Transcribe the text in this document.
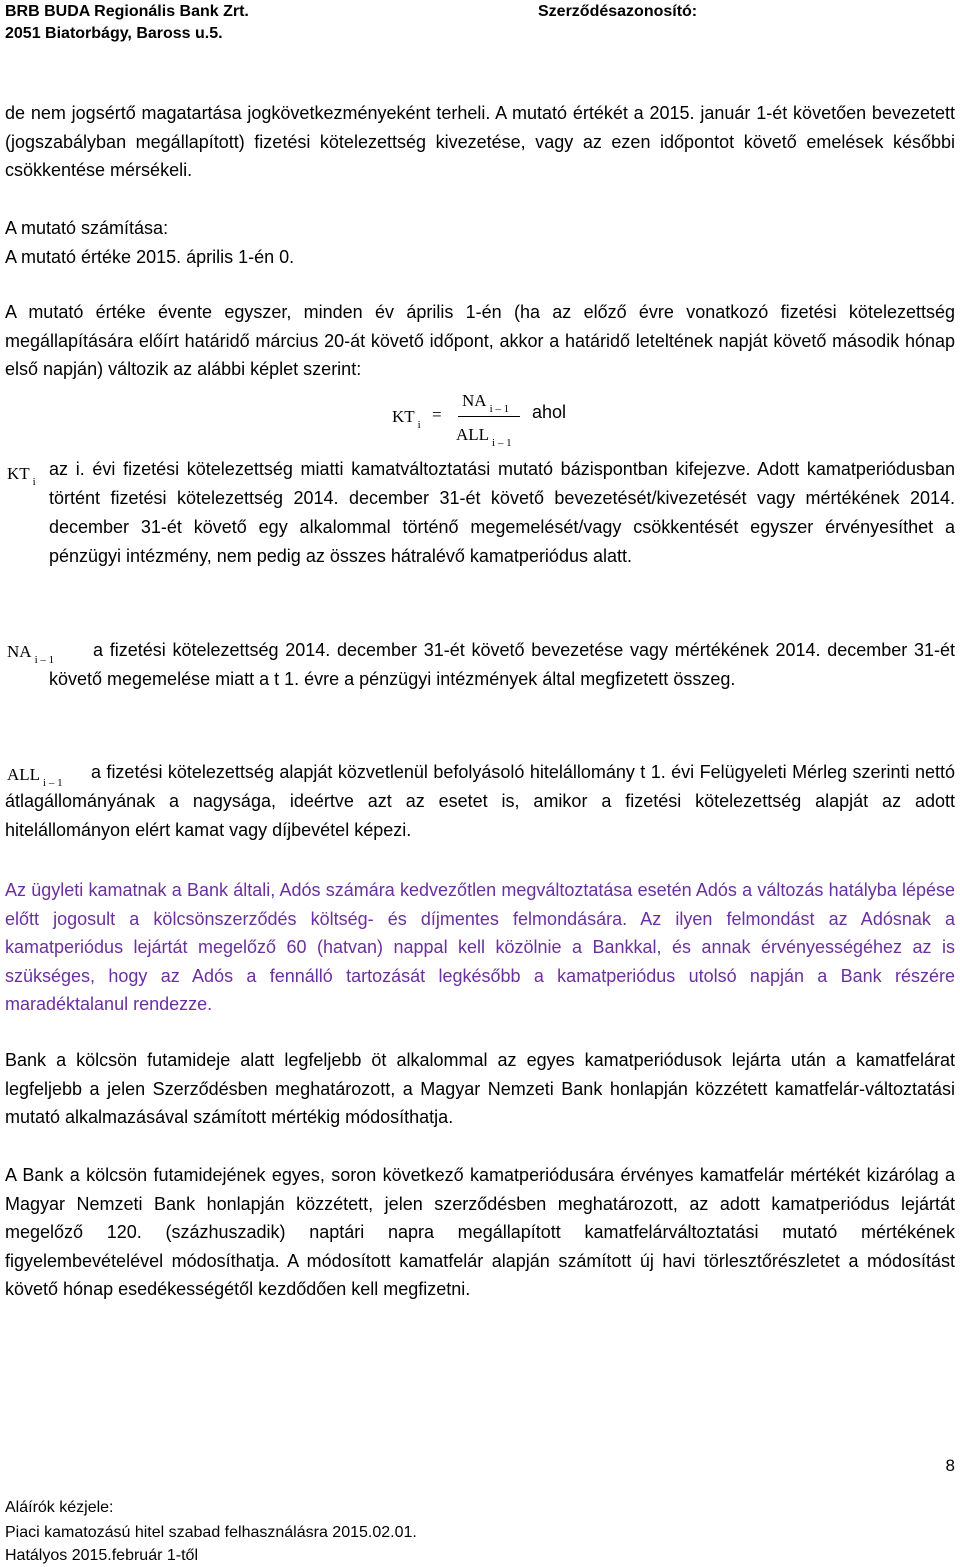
BRB BUDA Regionális Bank Zrt.
2051 Biatorbágy, Baross u.5.
Szerződésazonosító:

de nem jogsértő magatartása jogkövetkezményeként terheli. A mutató értékét a 2015. január 1-ét követően bevezetett (jogszabályban megállapított) fizetési kötelezettség kivezetése, vagy az ezen időpontot követő emelések későbbi csökkentése mérsékeli.

A mutató számítása:
A mutató értéke 2015. április 1-én 0.

A mutató értéke évente egyszer, minden év április 1-én (ha az előző évre vonatkozó fizetési kötelezettség megállapítására előírt határidő március 20-át követő időpont, akkor a határidő leteltének napját követő második hónap első napján) változik az alábbi képlet szerint:

KT $_i$
=
NA $_{i - 1}$
ALL $_{i - 1}$
ahol
KT $_i$

az i. évi fizetési kötelezettség miatti kamatváltoztatási mutató bázispontban kifejezve. Adott kamatperiódusban történt fizetési kötelezettség 2014. december 31-ét követő bevezetését/kivezetését vagy mértékének 2014. december 31-ét követő egy alkalommal történő megemelését/vagy csökkentését egyszer érvényesíthet a pénzügyi intézmény, nem pedig az összes hátralévő kamatperiódus alatt.

NA $_{i - 1}$	a fizetési kötelezettség 2014. december 31-ét követő bevezetése vagy mértékének 2014. december 31-ét követő megemelése miatt a t 1. évre a pénzügyi intézmények által megfizetett összeg.

ALL $_{i - 1}$

a fizetési kötelezettség alapját közvetlenül befolyásoló hitelállomány t 1. évi Felügyeleti Mérleg szerinti nettó átlagállományának a nagysága, ideértve azt az esetet is, amikor a fizetési kötelezettség alapját az adott hitelállományon elért kamat vagy díjbevétel képezi.

Az ügyleti kamatnak a Bank általi, Adós számára kedvezőtlen megváltoztatása esetén Adós a változás hatályba lépése előtt jogosult a kölcsönszerződés költség- és díjmentes felmondására. Az ilyen felmondást az Adósnak a kamatperiódus lejártát megelőző 60 (hatvan) nappal kell közölnie a Bankkal, és annak érvényességéhez az is szükséges, hogy az Adós a fennálló tartozását legkésőbb a kamatperiódus utolsó napján a Bank részére maradéktalanul rendezze.

Bank a kölcsön futamideje alatt legfeljebb öt alkalommal az egyes kamatperiódusok lejárta után a kamatfelárat legfeljebb a jelen Szerződésben meghatározott, a Magyar Nemzeti Bank honlapján közzétett kamatfelár-változtatási mutató alkalmazásával számított mértékig módosíthatja.

A Bank a kölcsön futamidejének egyes, soron következő kamatperiódusára érvényes kamatfelár mértékét kizárólag a Magyar Nemzeti Bank honlapján közzétett, jelen szerződésben meghatározott, az adott kamatperiódus lejártát megelőző 120. (százhuszadik) naptári napra megállapított kamatfelárváltoztatási mutató mértékének figyelembevételével módosíthatja. A módosított kamatfelár alapján számított új havi törlesztőrészletet a módosítást követő hónap esedékességétől kezdődően kell megfizetni.

8
Aláírók kézjele:
Piaci kamatozású hitel szabad felhasználásra 2015.02.01.
Hatályos 2015.február 1-től
